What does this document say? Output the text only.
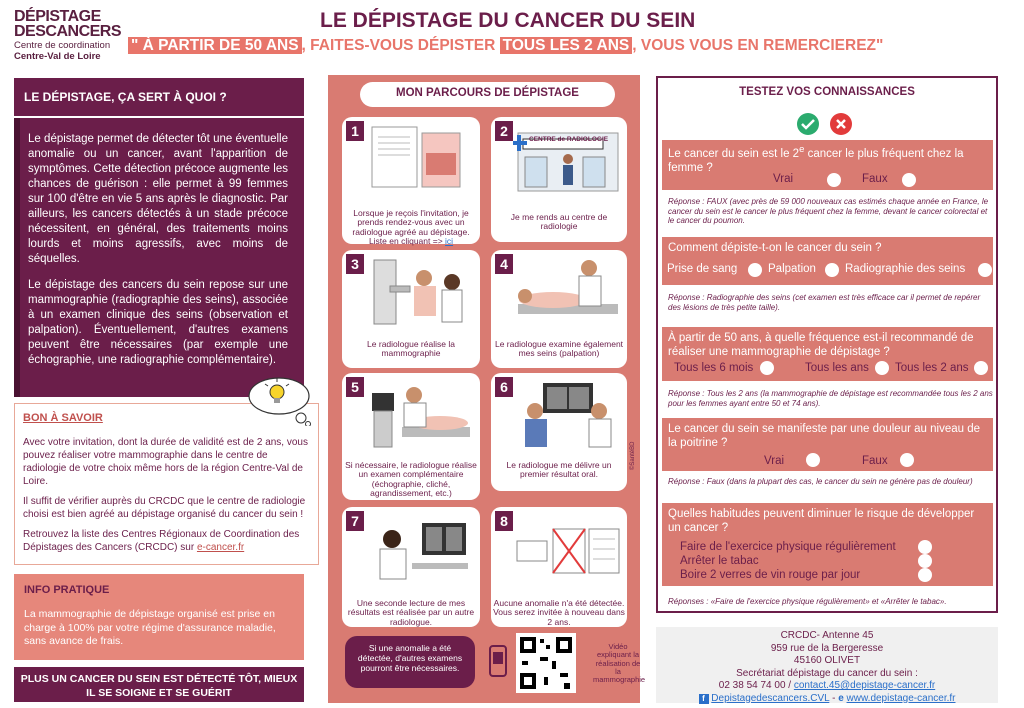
DÉPISTAGE
DESCANCERS
Centre de coordination
Centre-Val de Loire
LE DÉPISTAGE DU CANCER DU SEIN
" À PARTIR DE 50 ANS , FAITES-VOUS DÉPISTER TOUS LES 2 ANS , VOUS VOUS EN REMERCIEREZ"
LE DÉPISTAGE, ÇA SERT À QUOI ?

Le dépistage permet de détecter tôt une éventuelle anomalie ou un cancer, avant l'apparition de symptômes. Cette détection précoce augmente les chances de guérison : elle permet à 99 femmes sur 100 d'être en vie 5 ans après le diagnostic. Par ailleurs, les cancers détectés à un stade précoce nécessitent, en général, des traitements moins lourds et moins agressifs, avec moins de séquelles.

Le dépistage des cancers du sein repose sur une mammographie (radiographie des seins), associée à un examen clinique des seins (observation et palpation). Éventuellement, d'autres examens peuvent être nécessaires (par exemple une échographie, une radiographie complémentaire).

BON À SAVOIR

Avec votre invitation, dont la durée de validité est de 2 ans, vous pouvez réaliser votre mammographie dans le centre de radiologie de votre choix même hors de la région Centre-Val de Loire.

Il suffit de vérifier auprès du CRCDC que le centre de radiologie choisi est bien agréé au dépistage organisé du cancer du sein !

Retrouvez la liste des Centres Régionaux de Coordination des Dépistages des Cancers (CRCDC) sur e-cancer.fr

INFO PRATIQUE
La mammographie de dépistage organisé est prise en charge à 100% par votre régime d'assurance maladie, sans avance de frais.
PLUS UN CANCER DU SEIN EST DÉTECTÉ TÔT, MIEUX IL SE SOIGNE ET SE GUÉRIT
MON PARCOURS DE DÉPISTAGE
1
Lorsque je reçois l'invitation, je prends rendez-vous avec un radiologue agréé au dépistage. Liste en cliquant => ici
2
CENTRE de RADIOLOGIE
Je me rends au centre de radiologie
3
Le radiologue réalise la mammographie
4
Le radiologue examine également mes seins (palpation)
5
Si nécessaire, le radiologue réalise un examen complémentaire (échographie, cliché, agrandissement, etc.)
6
Le radiologue me délivre un premier résultat oral.
©SantéBD
7
Une seconde lecture de mes résultats est réalisée par un autre radiologue.
8
Aucune anomalie n'a été détectée. Vous serez invitée à nouveau dans 2 ans.
Si une anomalie a été détectée, d'autres examens pourront être nécessaires.
Vidéo expliquant la réalisation de la mammographie
TESTEZ VOS CONNAISSANCES
Le cancer du sein est le 2e cancer le plus fréquent chez la femme ?
Vrai	Faux
Réponse : FAUX (avec près de 59 000 nouveaux cas estimés chaque année en France, le cancer du sein est le cancer le plus fréquent chez la femme, devant le cancer colorectal et le cancer du poumon.
Comment dépiste-t-on le cancer du sein ?
Prise de sang	Palpation	Radiographie des seins
Réponse : Radiographie des seins (cet examen est très efficace car il permet de repérer des lésions de très petite taille).
À partir de 50 ans, à quelle fréquence est-il recommandé de réaliser une mammographie de dépistage ?
Tous les 6 mois	Tous les ans Tous les 2 ans
Réponse : Tous les 2 ans (la mammographie de dépistage est recommandée tous les 2 ans pour les femmes ayant entre 50 et 74 ans).
Le cancer du sein se manifeste par une douleur au niveau de la poitrine ?
Vrai	Faux
Réponse : Faux (dans la plupart des cas, le cancer du sein ne génère pas de douleur)
Quelles habitudes peuvent diminuer le risque de développer un cancer ?
Faire de l'exercice physique régulièrement
Arrêter le tabac
Boire 2 verres de vin rouge par jour
Réponses : «Faire de l'exercice physique régulièrement» et «Arrêter le tabac».
CRCDC- Antenne 45
959 rue de la Bergeresse
45160 OLIVET
Secrétariat dépistage du cancer du sein :
02 38 54 74 00 / contact.45@depistage-cancer.fr
f Depistagedescancers.CVL - e www.depistage-cancer.fr
